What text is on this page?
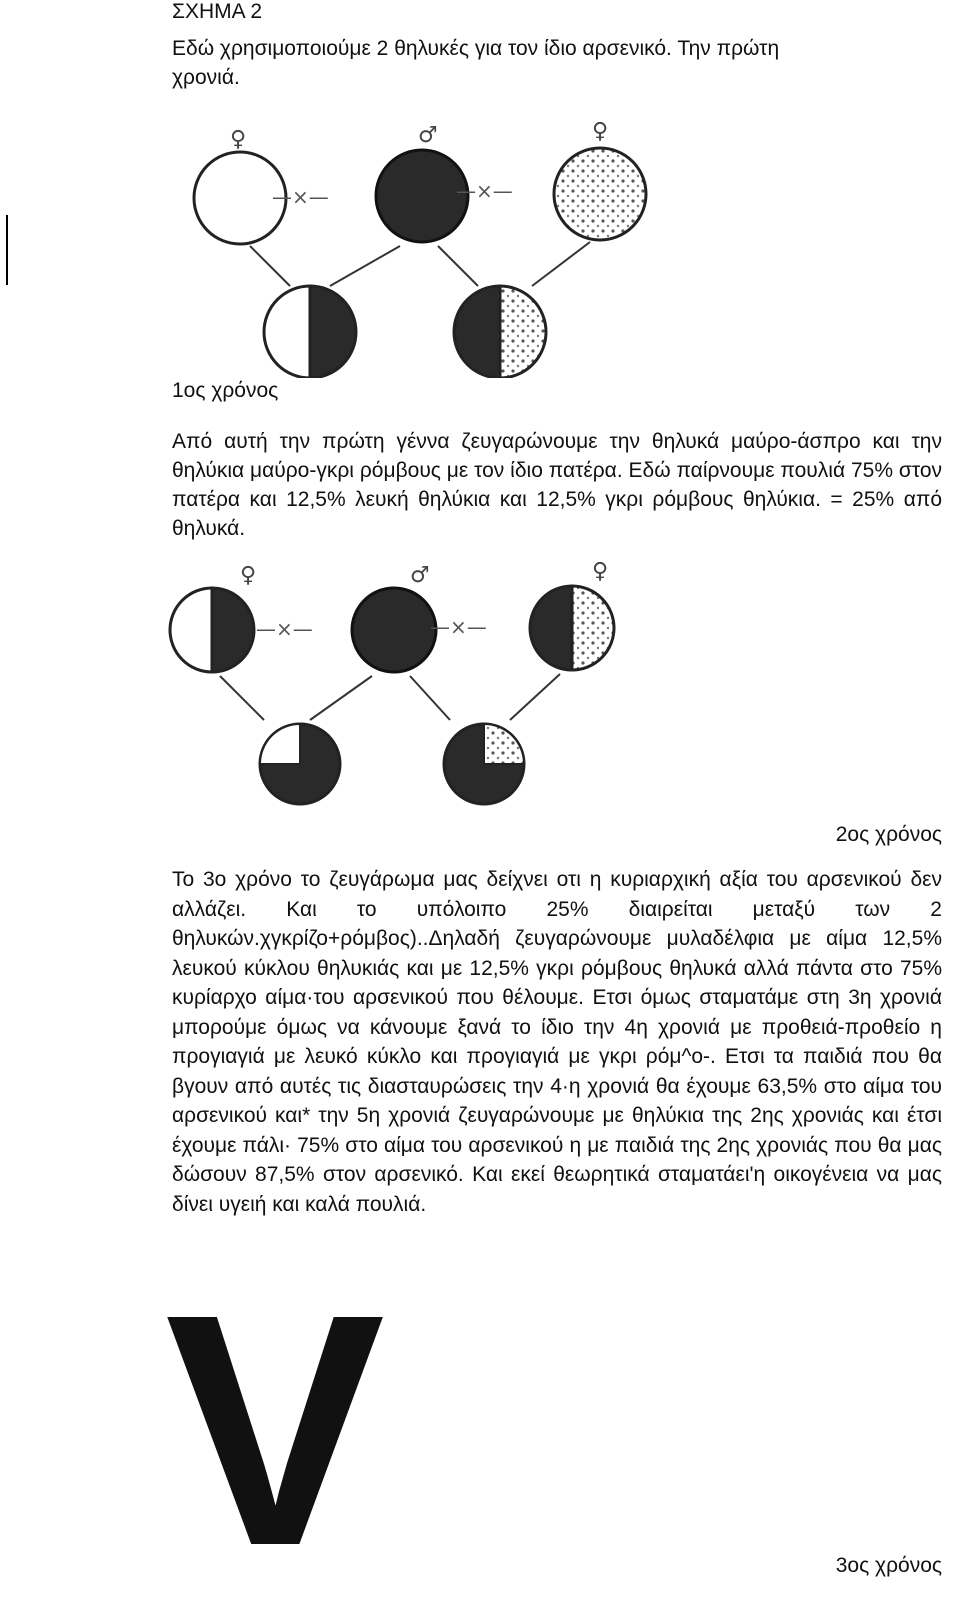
ΣΧΗΜΑ 2
Εδώ χρησιμοποιούμε 2 θηλυκές για τον ίδιο αρσενικό. Την πρώτη χρονιά.
♀	♂	♀
—×—	—×—
1ος χρόνος
Από αυτή την πρώτη γέννα ζευγαρώνουμε την θηλυκά μαύρο-άσπρο και την θηλύκια μαύρο-γκρι ρόμβους με τον ίδιο πατέρα. Εδώ παίρνουμε πουλιά 75% στον πατέρα και 12,5% λευκή θηλύκια και 12,5% γκρι ρόμβους θηλύκια. = 25% από θηλυκά.
♀	♂	♀
—×—	—×—
2ος χρόνος
Το 3ο χρόνο το ζευγάρωμα μας δείχνει οτι η κυριαρχική αξία του αρσενικού δεν αλλάζει. Και το υπόλοιπο 25% διαιρείται μεταξύ των 2 θηλυκών.χγκρίζο+ρόμβος)..Δηλαδή ζευγαρώνουμε μυλαδέλφια με αίμα 12,5% λευκού κύκλου θηλυκιάς και με 12,5% γκρι ρόμβους θηλυκά αλλά πάντα στο 75% κυρίαρχο αίμα·του αρσενικού που θέλουμε. Ετσι όμως σταματάμε στη 3η χρονιά μπορούμε όμως να κάνουμε ξανά το ίδιο την 4η χρονιά με προθειά-προθείο η προγιαγιά με λευκό κύκλο και προγιαγιά με γκρι ρόμ^ο-. Ετσι τα παιδιά που θα βγουν από αυτές τις διασταυρώσεις την 4·η χρονιά θα έχουμε 63,5% στο αίμα του αρσενικού και* την 5η χρονιά ζευγαρώνουμε με θηλύκια της 2ης χρονιάς και έτσι έχουμε πάλι· 75% στο αίμα του αρσενικού η με παιδιά της 2ης χρονιάς που θα μας δώσουν 87,5% στον αρσενικό. Και εκεί θεωρητικά σταματάει'η οικογένεια να μας δίνει υγειή και καλά πουλιά.
V	3ος χρόνος
